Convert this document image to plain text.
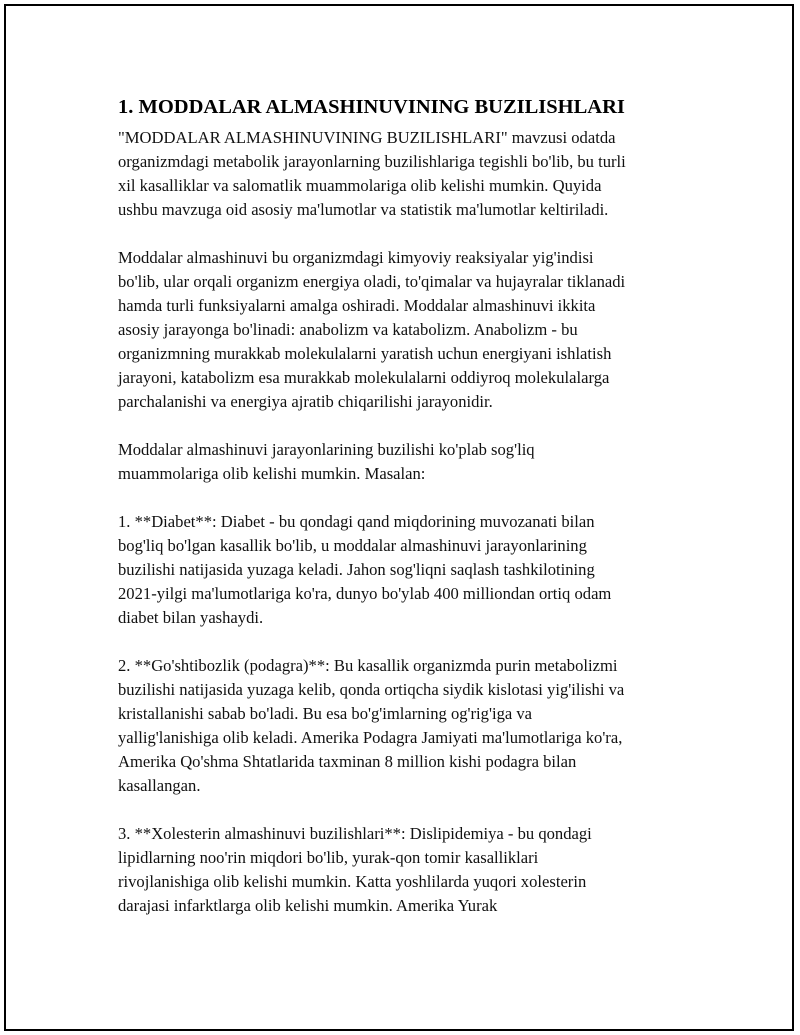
1. MODDALAR ALMASHINUVINING BUZILISHLARI

"MODDALAR ALMASHINUVINING BUZILISHLARI" mavzusi odatda
organizmdagi metabolik jarayonlarning buzilishlariga tegishli bo'lib, bu turli
xil kasalliklar va salomatlik muammolariga olib kelishi mumkin. Quyida
ushbu mavzuga oid asosiy ma'lumotlar va statistik ma'lumotlar keltiriladi.

Moddalar almashinuvi bu organizmdagi kimyoviy reaksiyalar yig'indisi
bo'lib, ular orqali organizm energiya oladi, to'qimalar va hujayralar tiklanadi
hamda turli funksiyalarni amalga oshiradi. Moddalar almashinuvi ikkita
asosiy jarayonga bo'linadi: anabolizm va katabolizm. Anabolizm - bu
organizmning murakkab molekulalarni yaratish uchun energiyani ishlatish
jarayoni, katabolizm esa murakkab molekulalarni oddiyroq molekulalarga
parchalanishi va energiya ajratib chiqarilishi jarayonidir.

Moddalar almashinuvi jarayonlarining buzilishi ko'plab sog'liq
muammolariga olib kelishi mumkin. Masalan:

1. **Diabet**: Diabet - bu qondagi qand miqdorining muvozanati bilan
bog'liq bo'lgan kasallik bo'lib, u moddalar almashinuvi jarayonlarining
buzilishi natijasida yuzaga keladi. Jahon sog'liqni saqlash tashkilotining
2021-yilgi ma'lumotlariga ko'ra, dunyo bo'ylab 400 milliondan ortiq odam
diabet bilan yashaydi.

2. **Go'shtibozlik (podagra)**: Bu kasallik organizmda purin metabolizmi
buzilishi natijasida yuzaga kelib, qonda ortiqcha siydik kislotasi yig'ilishi va
kristallanishi sabab bo'ladi. Bu esa bo'g'imlarning og'rig'iga va
yallig'lanishiga olib keladi. Amerika Podagra Jamiyati ma'lumotlariga ko'ra,
Amerika Qo'shma Shtatlarida taxminan 8 million kishi podagra bilan
kasallangan.

3. **Xolesterin almashinuvi buzilishlari**: Dislipidemiya - bu qondagi
lipidlarning noo'rin miqdori bo'lib, yurak-qon tomir kasalliklari
rivojlanishiga olib kelishi mumkin. Katta yoshlilarda yuqori xolesterin
darajasi infarktlarga olib kelishi mumkin. Amerika Yurak
